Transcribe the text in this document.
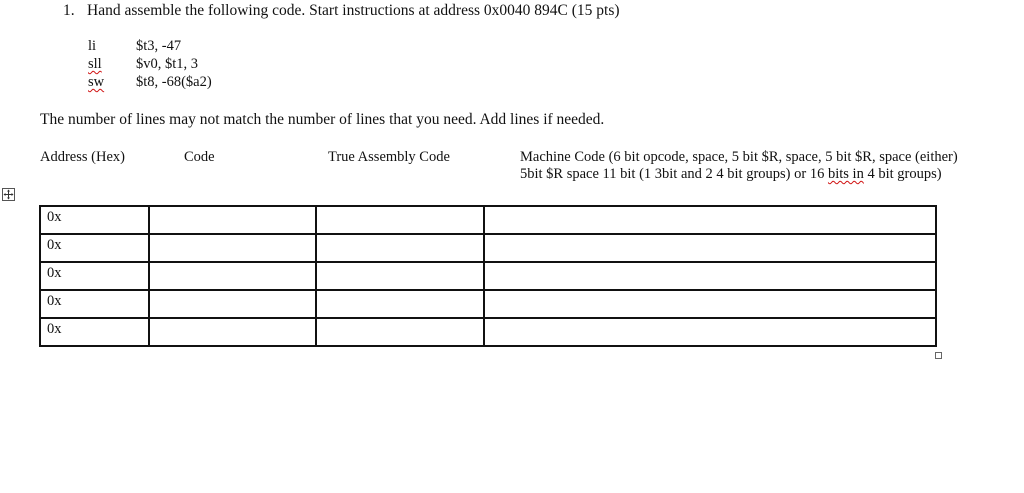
1. Hand assemble the following code. Start instructions at address 0x0040 894C (15 pts)
li	$t3, -47
sll	$v0, $t1, 3
sw	$t8, -68($a2)
The number of lines may not match the number of lines that you need. Add lines if needed.
Address (Hex)	Code	True Assembly Code	Machine Code (6 bit opcode, space, 5 bit $R, space, 5 bit $R, space (either) 5bit $R space 11 bit (1 3bit and 2 4 bit groups) or 16 bits in 4 bit groups)
0x			
0x			
0x			
0x			
0x			
